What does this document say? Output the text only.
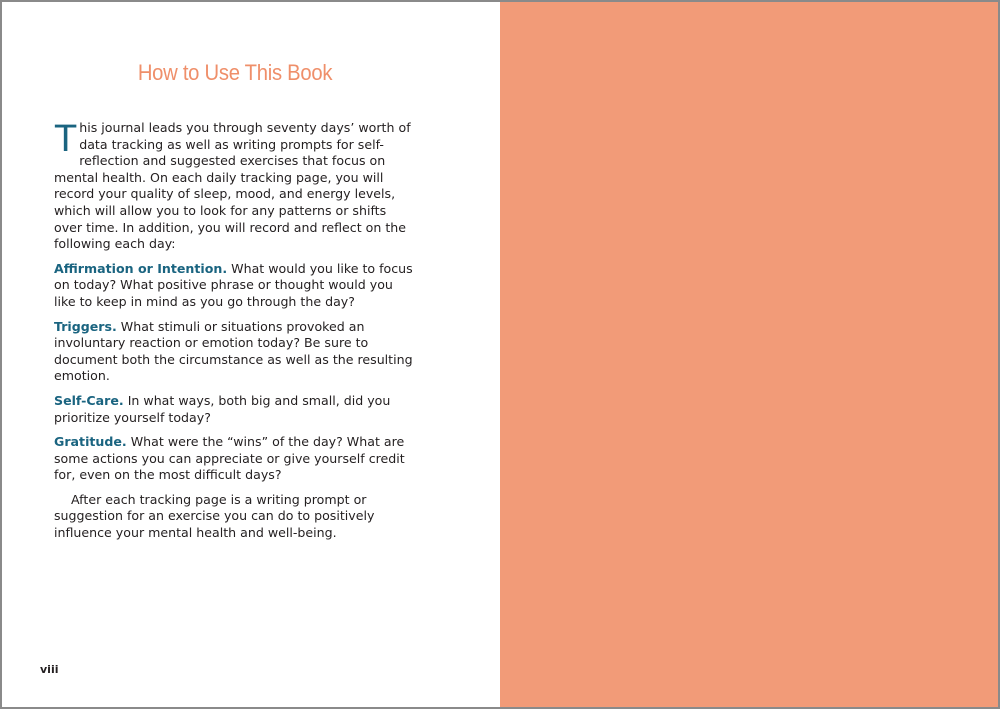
How to Use This Book

This journal leads you through seventy days’ worth of data tracking as well as writing prompts for self-reflection and suggested exercises that focus on mental health. On each daily tracking page, you will record your quality of sleep, mood, and energy levels, which will allow you to look for any patterns or shifts over time. In addition, you will record and reflect on the following each day:

Affirmation or Intention. What would you like to focus on today? What positive phrase or thought would you like to keep in mind as you go through the day?

Triggers. What stimuli or situations provoked an involuntary reaction or emotion today? Be sure to document both the circumstance as well as the resulting emotion.

Self-Care. In what ways, both big and small, did you prioritize yourself today?

Gratitude. What were the “wins” of the day? What are some actions you can appreciate or give yourself credit for, even on the most difficult days?

After each tracking page is a writing prompt or suggestion for an exercise you can do to positively influence your mental health and well-being.

viii
